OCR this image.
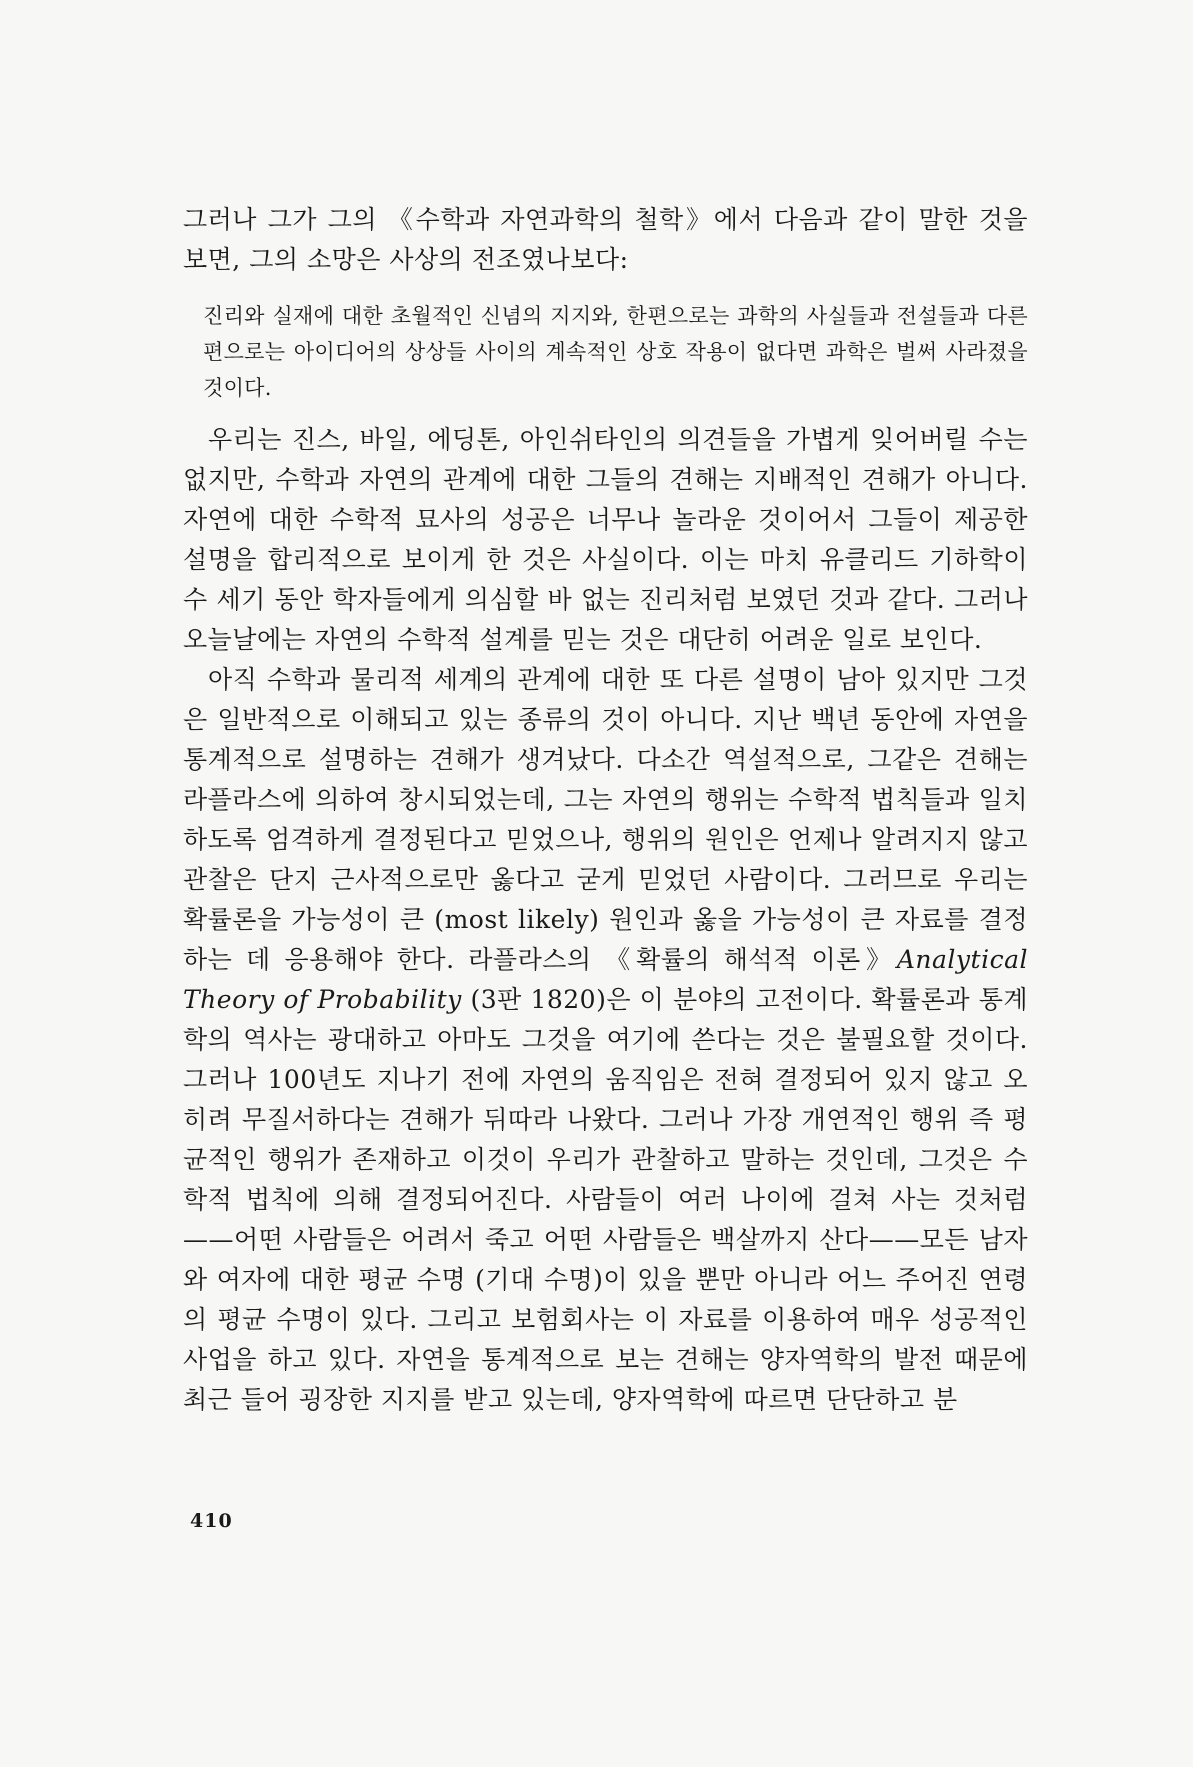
그러나 그가 그의 《수학과 자연과학의 철학》에서 다음과 같이 말한 것을 보면, 그의 소망은 사상의 전조였나보다:

진리와 실재에 대한 초월적인 신념의 지지와, 한편으로는 과학의 사실들과 전설들과 다른 편으로는 아이디어의 상상들 사이의 계속적인 상호 작용이 없다면 과학은 벌써 사라졌을 것이다.

우리는 진스, 바일, 에딩톤, 아인쉬타인의 의견들을 가볍게 잊어버릴 수는 없지만, 수학과 자연의 관계에 대한 그들의 견해는 지배적인 견해가 아니다. 자연에 대한 수학적 묘사의 성공은 너무나 놀라운 것이어서 그들이 제공한 설명을 합리적으로 보이게 한 것은 사실이다. 이는 마치 유클리드 기하학이 수 세기 동안 학자들에게 의심할 바 없는 진리처럼 보였던 것과 같다. 그러나 오늘날에는 자연의 수학적 설계를 믿는 것은 대단히 어려운 일로 보인다.

아직 수학과 물리적 세계의 관계에 대한 또 다른 설명이 남아 있지만 그것은 일반적으로 이해되고 있는 종류의 것이 아니다. 지난 백년 동안에 자연을 통계적으로 설명하는 견해가 생겨났다. 다소간 역설적으로, 그같은 견해는 라플라스에 의하여 창시되었는데, 그는 자연의 행위는 수학적 법칙들과 일치하도록 엄격하게 결정된다고 믿었으나, 행위의 원인은 언제나 알려지지 않고 관찰은 단지 근사적으로만 옳다고 굳게 믿었던 사람이다. 그러므로 우리는 확률론을 가능성이 큰 (most likely) 원인과 옳을 가능성이 큰 자료를 결정하는 데 응용해야 한다. 라플라스의 《확률의 해석적 이론》Analytical Theory of Probability (3판 1820)은 이 분야의 고전이다. 확률론과 통계학의 역사는 광대하고 아마도 그것을 여기에 쓴다는 것은 불필요할 것이다. 그러나 100년도 지나기 전에 자연의 움직임은 전혀 결정되어 있지 않고 오히려 무질서하다는 견해가 뒤따라 나왔다. 그러나 가장 개연적인 행위 즉 평균적인 행위가 존재하고 이것이 우리가 관찰하고 말하는 것인데, 그것은 수학적 법칙에 의해 결정되어진다. 사람들이 여러 나이에 걸쳐 사는 것처럼——어떤 사람들은 어려서 죽고 어떤 사람들은 백살까지 산다——모든 남자와 여자에 대한 평균 수명 (기대 수명)이 있을 뿐만 아니라 어느 주어진 연령의 평균 수명이 있다. 그리고 보험회사는 이 자료를 이용하여 매우 성공적인 사업을 하고 있다. 자연을 통계적으로 보는 견해는 양자역학의 발전 때문에 최근 들어 굉장한 지지를 받고 있는데, 양자역학에 따르면 단단하고 분

410
